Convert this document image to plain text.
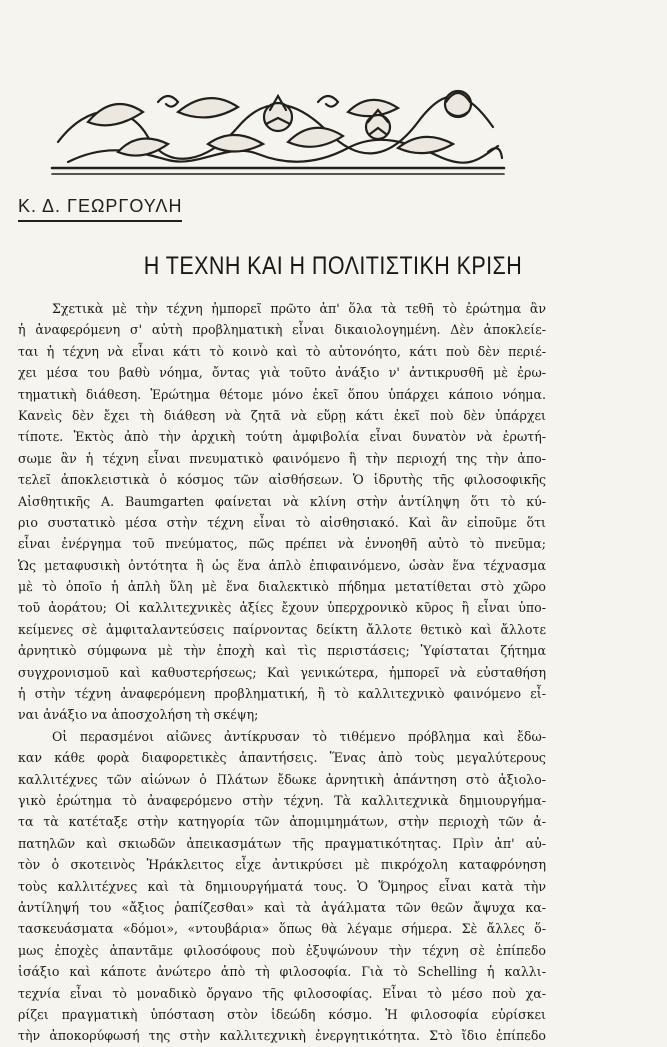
Κ. Δ. ΓΕΩΡΓΟΥΛΗ
Η ΤΕΧΝΗ ΚΑΙ Η ΠΟΛΙΤΙΣΤΙΚΗ ΚΡΙΣΗ
Σχετικὰ μὲ τὴν τέχνη ἠμπορεῖ πρῶτο ἀπ' ὅλα τὰ τεθῆ τὸ ἐρώτημα ἂν
ἡ ἀναφερόμενη σ' αὐτὴ προβληματικὴ εἶναι δικαιολογημένη. Δὲν ἀποκλείε-
ται ἡ τέχνη νὰ εἶναι κάτι τὸ κοινὸ καὶ τὸ αὐτονόητο, κάτι ποὺ δὲν περιέ-
χει μέσα του βαθὺ νόημα, ὄντας γιὰ τοῦτο ἀνάξιο ν' ἀντικρυσθῆ μὲ ἐρω-
τηματικὴ διάθεση. Ἐρώτημα θέτομε μόνο ἐκεῖ ὅπου ὑπάρχει κάποιο νόημα.
Κανεὶς δὲν ἔχει τὴ διάθεση νὰ ζητᾶ νὰ εὕρῃ κάτι ἐκεῖ ποὺ δὲν ὑπάρχει
τίποτε. Ἐκτὸς ἀπὸ τὴν ἀρχικὴ τούτη ἀμφιβολία εἶναι δυνατὸν νὰ ἐρωτή-
σωμε ἂν ἡ τέχνη εἶναι πνευματικὸ φαινόμενο ἢ τὴν περιοχή της τὴν ἀπο-
τελεῖ ἀποκλειστικὰ ὁ κόσμος τῶν αἰσθήσεων. Ὁ ἱδρυτὴς τῆς φιλοσοφικῆς
Αἰσθητικῆς A. Baumgarten φαίνεται νὰ κλίνη στὴν ἀντίληψη ὅτι τὸ κύ-
ριο συστατικὸ μέσα στὴν τέχνη εἶναι τὸ αἰσθησιακό. Καὶ ἂν εἰποῦμε ὅτι
εἶναι ἐνέργημα τοῦ πνεύματος, πῶς πρέπει νὰ ἐννοηθῆ αὐτὸ τὸ πνεῦμα;
Ὡς μεταφυσικὴ ὀντότητα ἢ ὡς ἕνα ἁπλὸ ἐπιφαινόμενο, ὡσὰν ἕνα τέχνασμα
μὲ τὸ ὁποῖο ἡ ἁπλὴ ὕλη μὲ ἕνα διαλεκτικὸ πήδημα μετατίθεται στὸ χῶρο
τοῦ ἀοράτου; Οἱ καλλιτεχνικὲς ἀξίες ἔχουν ὑπερχρονικὸ κῦρος ἢ εἶναι ὑπο-
κείμενες σὲ ἀμφιταλαντεύσεις παίρνοντας δείκτη ἄλλοτε θετικὸ καὶ ἄλλοτε
ἀρνητικὸ σύμφωνα μὲ τὴν ἐποχὴ καὶ τὶς περιστάσεις; Ὑφίσταται ζήτημα
συγχρονισμοῦ καὶ καθυστερήσεως; Καὶ γενικώτερα, ἠμπορεῖ νὰ εὐσταθήση
ἡ στὴν τέχνη ἀναφερόμενη προβληματική, ἢ τὸ καλλιτεχνικὸ φαινόμενο εἶ-
ναι ἀνάξιο να ἀποσχολήση τὴ σκέψη;
Οἱ περασμένοι αἰῶνες ἀντίκρυσαν τὸ τιθέμενο πρόβλημα καὶ ἔδω-
καν κάθε φορὰ διαφορετικὲς ἀπαντήσεις. Ἕνας ἀπὸ τοὺς μεγαλύτερους
καλλιτέχνες τῶν αἰώνων ὁ Πλάτων ἔδωκε ἀρνητικὴ ἀπάντηση στὸ ἀξιολο-
γικὸ ἐρώτημα τὸ ἀναφερόμενο στὴν τέχνη. Τὰ καλλιτεχνικὰ δημιουργήμα-
τα τὰ κατέταξε στὴν κατηγορία τῶν ἀπομιμημάτων, στὴν περιοχὴ τῶν ἀ-
πατηλῶν καὶ σκιωδῶν ἀπεικασμάτων τῆς πραγματικότητας. Πρὶν ἀπ' αὐ-
τὸν ὁ σκοτεινὸς Ἡράκλειτος εἶχε ἀντικρύσει μὲ πικρόχολη καταφρόνηση
τοὺς καλλιτέχνες καὶ τὰ δημιουργήματά τους. Ὁ Ὅμηρος εἶναι κατὰ τὴν
ἀντίληψή του «ἄξιος ῥαπίζεσθαι» καὶ τὰ ἀγάλματα τῶν θεῶν ἄψυχα κα-
τασκευάσματα «δόμοι», «ντουβάρια» ὅπως θὰ λέγαμε σήμερα. Σὲ ἄλλες ὅ-
μως ἐποχὲς ἀπαντᾶμε φιλοσόφους ποὺ ἐξυψώνουν τὴν τέχνη σὲ ἐπίπεδο
ἰσάξιο καὶ κάποτε ἀνώτερο ἀπὸ τὴ φιλοσοφία. Γιὰ τὸ Schelling ἡ καλλι-
τεχνία εἶναι τὸ μοναδικὸ ὄργανο τῆς φιλοσοφίας. Εἶναι τὸ μέσο ποὺ χα-
ρίζει πραγματικὴ ὑπόσταση στὸν ἰδεώδη κόσμο. Ἡ φιλοσοφία εὑρίσκει
τὴν ἀποκορύφωσή της στὴν καλλιτεχνικὴ ἐνεργητικότητα. Στὸ ἴδιο ἐπίπεδο
